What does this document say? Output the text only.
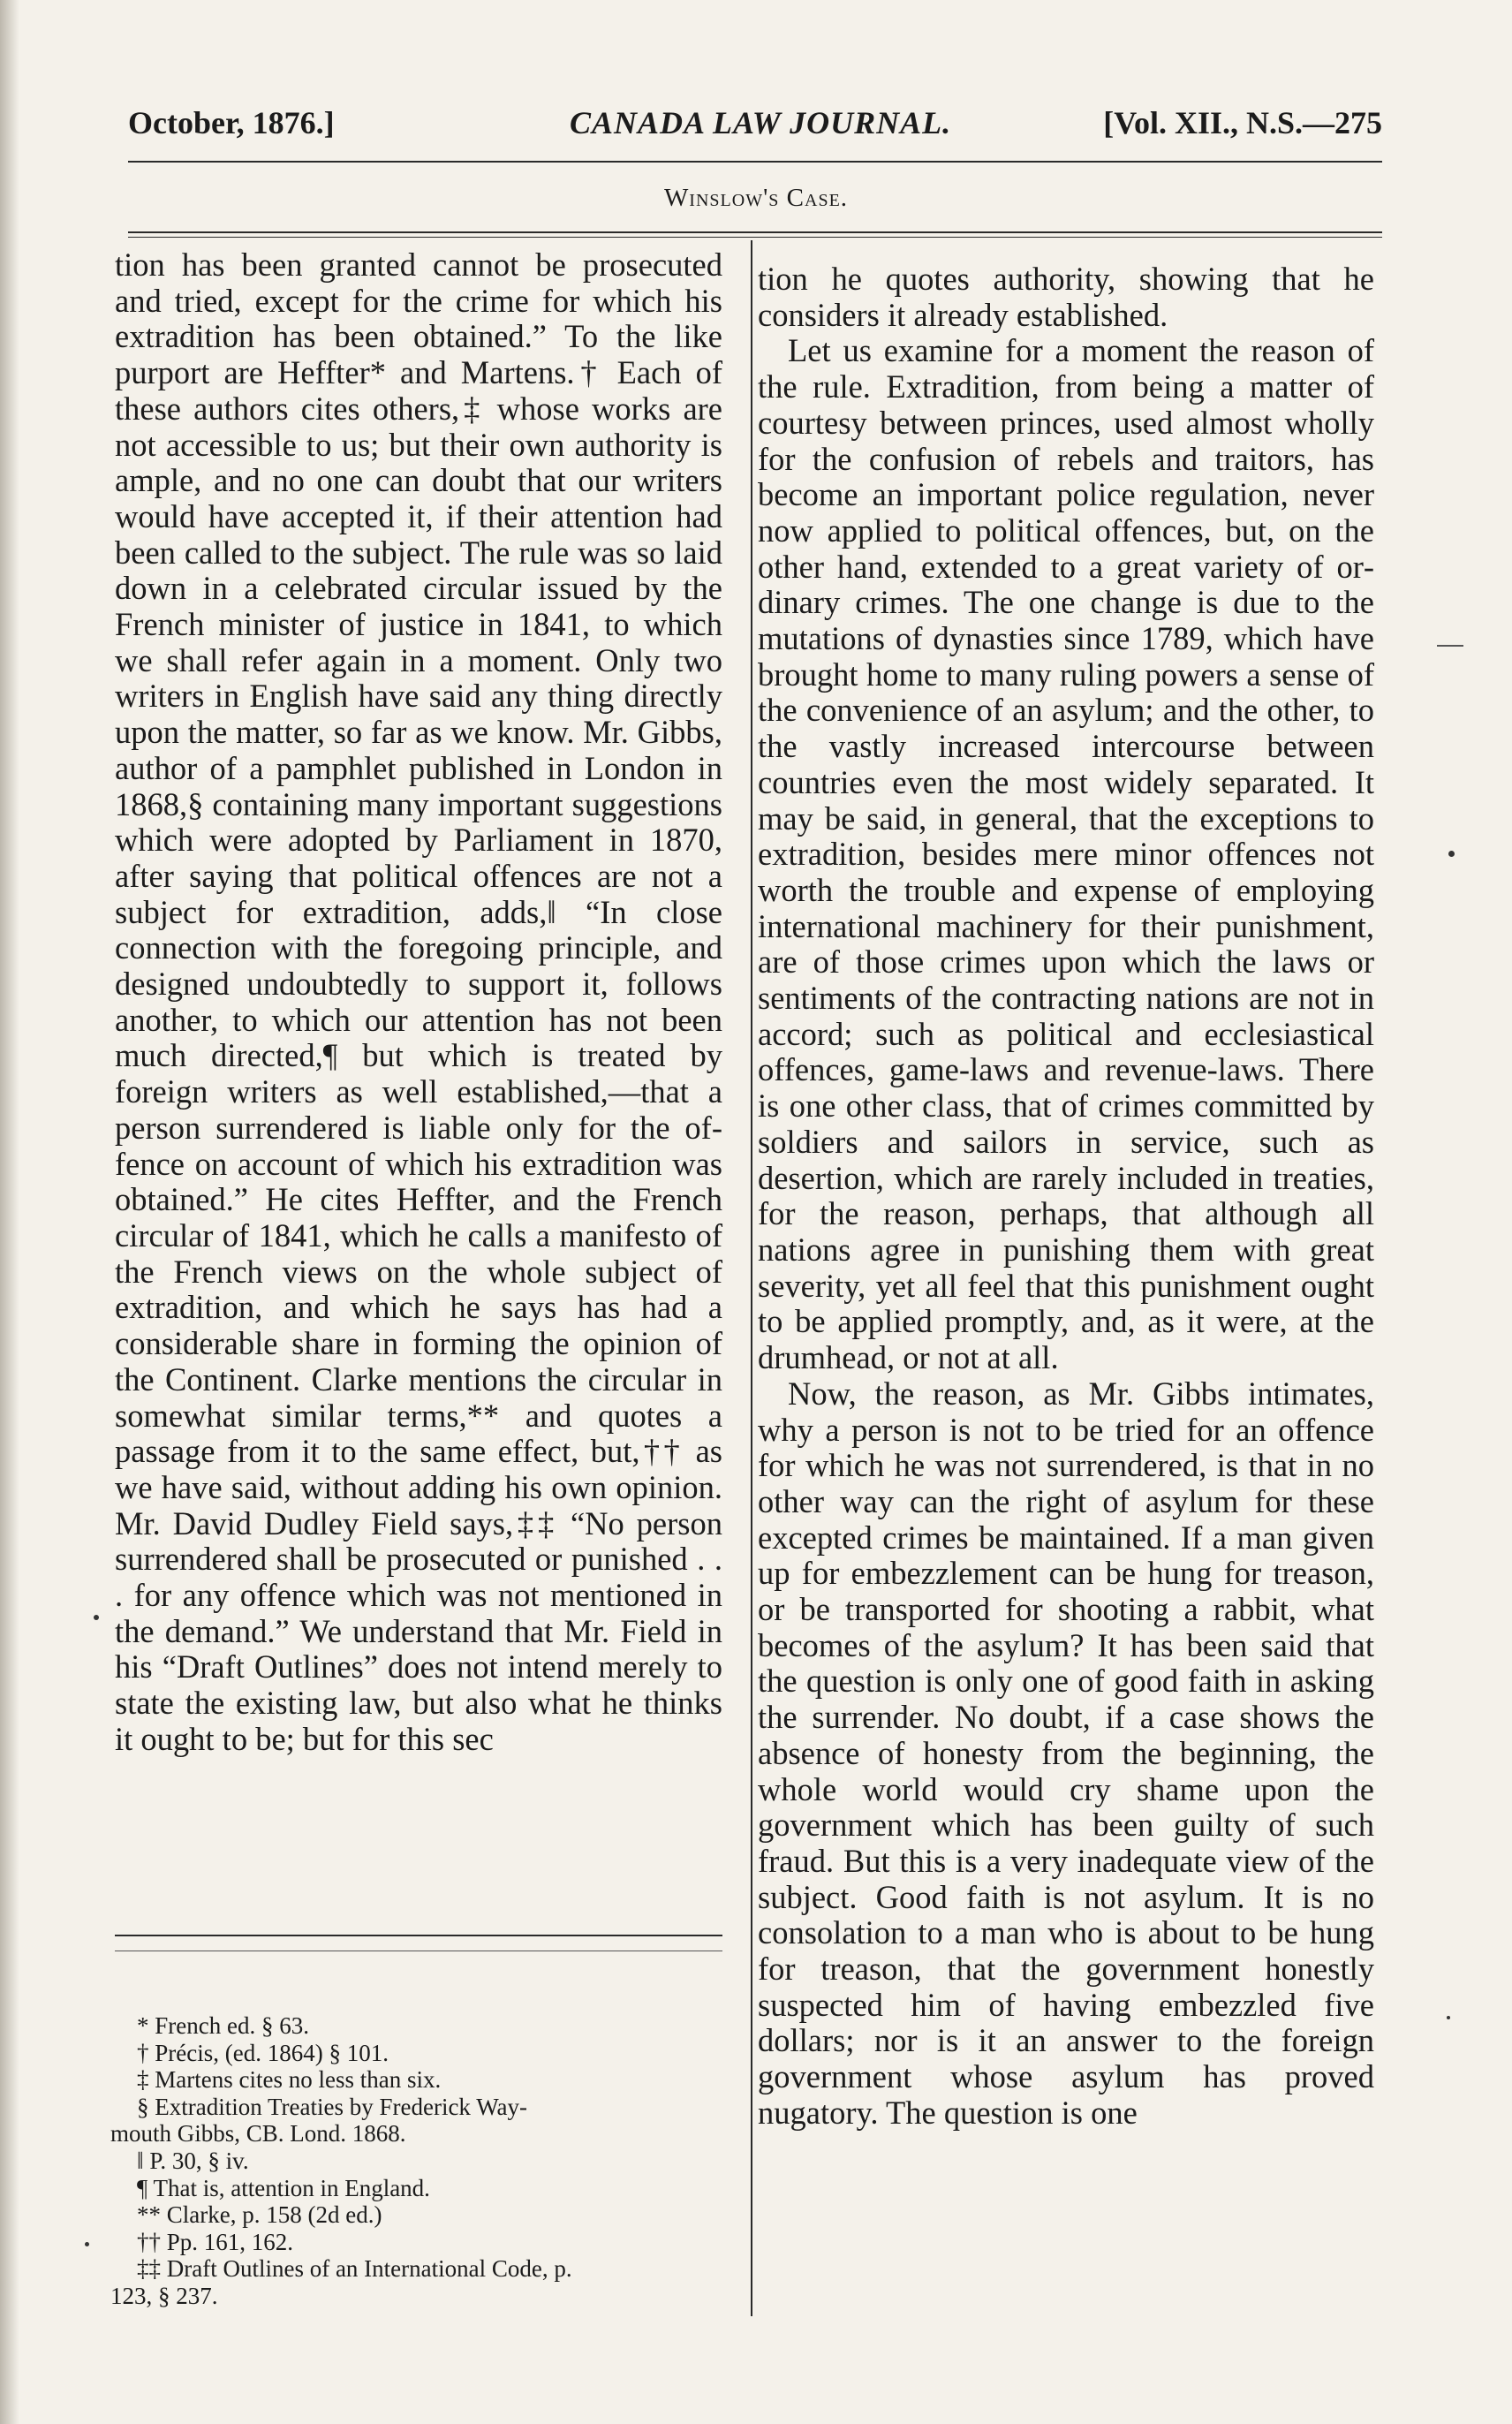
October, 1876.]	CANADA LAW JOURNAL.	[Vol. XII., N.S.—275
Winslow's Case.

tion has been granted cannot be prosecuted and tried, except for the crime for which his extradition has been obtained.” To the like purport are Heffter* and Martens.† Each of these authors cites others,‡ whose works are not accessible to us; but their own authority is ample, and no one can doubt that our writers would have accepted it, if their attention had been called to the subject. The rule was so laid down in a celebrated circular issued by the French minister of justice in 1841, to which we shall refer again in a moment. Only two writers in English have said any thing directly upon the matter, so far as we know. Mr. Gibbs, author of a pamphlet published in London in 1868,§ containing many important suggestions which were adopted by Parliament in 1870, after saying that political offences are not a subject for extradition, adds,‖ “In close connection with the foregoing principle, and designed undoubtedly to support it, follows another, to which our attention has not been much directed,¶ but which is treated by foreign writers as well established,—that a person surrendered is liable only for the offence on account of which his extradition was obtained.” He cites Heffter, and the French circular of 1841, which he calls a manifesto of the French views on the whole subject of extradition, and which he says has had a considerable share in forming the opinion of the Continent. Clarke mentions the circular in somewhat similar terms,** and quotes a passage from it to the same effect, but,†† as we have said, without adding his own opinion. Mr. David Dudley Field says,‡‡ “No person surrendered shall be prosecuted or punished . . . for any offence which was not mentioned in the demand.” We understand that Mr. Field in his “Draft Outlines” does not intend merely to state the existing law, but also what he thinks it ought to be; but for this sec

tion he quotes authority, showing that he considers it already established.

Let us examine for a moment the reason of the rule. Extradition, from being a matter of courtesy between princes, used almost wholly for the confusion of rebels and traitors, has become an important police regulation, never now applied to political offences, but, on the other hand, extended to a great variety of ordinary crimes. The one change is due to the mutations of dynasties since 1789, which have brought home to many ruling powers a sense of the convenience of an asylum; and the other, to the vastly increased intercourse between countries even the most widely separated. It may be said, in general, that the exceptions to extradition, besides mere minor offences not worth the trouble and expense of employing international machinery for their punishment, are of those crimes upon which the laws or sentiments of the contracting nations are not in accord; such as political and ecclesiastical offences, game-laws and revenue-laws. There is one other class, that of crimes committed by soldiers and sailors in service, such as desertion, which are rarely included in treaties, for the reason, perhaps, that although all nations agree in punishing them with great severity, yet all feel that this punishment ought to be applied promptly, and, as it were, at the drumhead, or not at all.

Now, the reason, as Mr. Gibbs intimates, why a person is not to be tried for an offence for which he was not surrendered, is that in no other way can the right of asylum for these excepted crimes be maintained. If a man given up for embezzlement can be hung for treason, or be transported for shooting a rabbit, what becomes of the asylum? It has been said that the question is only one of good faith in asking the surrender. No doubt, if a case shows the absence of honesty from the beginning, the whole world would cry shame upon the government which has been guilty of such fraud. But this is a very inadequate view of the subject. Good faith is not asylum. It is no consolation to a man who is about to be hung for treason, that the government honestly suspected him of having embezzled five dollars; nor is it an answer to the foreign government whose asylum has proved nugatory. The question is one

* French ed. § 63.
† Précis, (ed. 1864) § 101.
‡ Martens cites no less than six.
§ Extradition Treaties by Frederick Way-
mouth Gibbs, CB. Lond. 1868.
‖ P. 30, § iv.
¶ That is, attention in England.
** Clarke, p. 158 (2d ed.)
†† Pp. 161, 162.
‡‡ Draft Outlines of an International Code, p.
123, § 237.
